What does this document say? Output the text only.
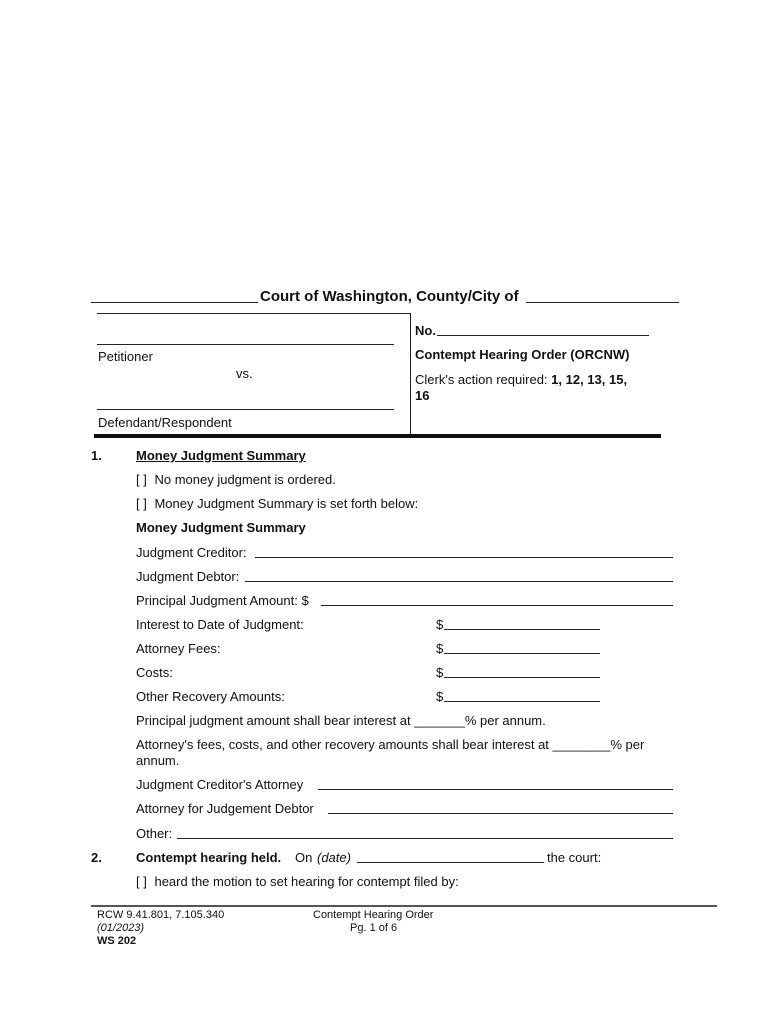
Court of Washington, County/City of
Petitioner
vs.
Defendant/Respondent
No.
Contempt Hearing Order (ORCNW)
Clerk's action required: 1, 12, 13, 15,
16
1.	Money Judgment Summary
[ ] No money judgment is ordered.
[ ] Money Judgment Summary is set forth below:
Money Judgment Summary
Judgment Creditor:
Judgment Debtor:
Principal Judgment Amount: $
Interest to Date of Judgment:	$
Attorney Fees:	$
Costs:	$
Other Recovery Amounts:	$
Principal judgment amount shall bear interest at _______% per annum.
Attorney's fees, costs, and other recovery amounts shall bear interest at ________% per
annum.
Judgment Creditor's Attorney
Attorney for Judgement Debtor
Other:
2.	Contempt hearing held. On (date)	the court:
[ ] heard the motion to set hearing for contempt filed by:
RCW 9.41.801, 7.105.340
(01/2023)
WS 202
Contempt Hearing Order
Pg. 1 of 6
